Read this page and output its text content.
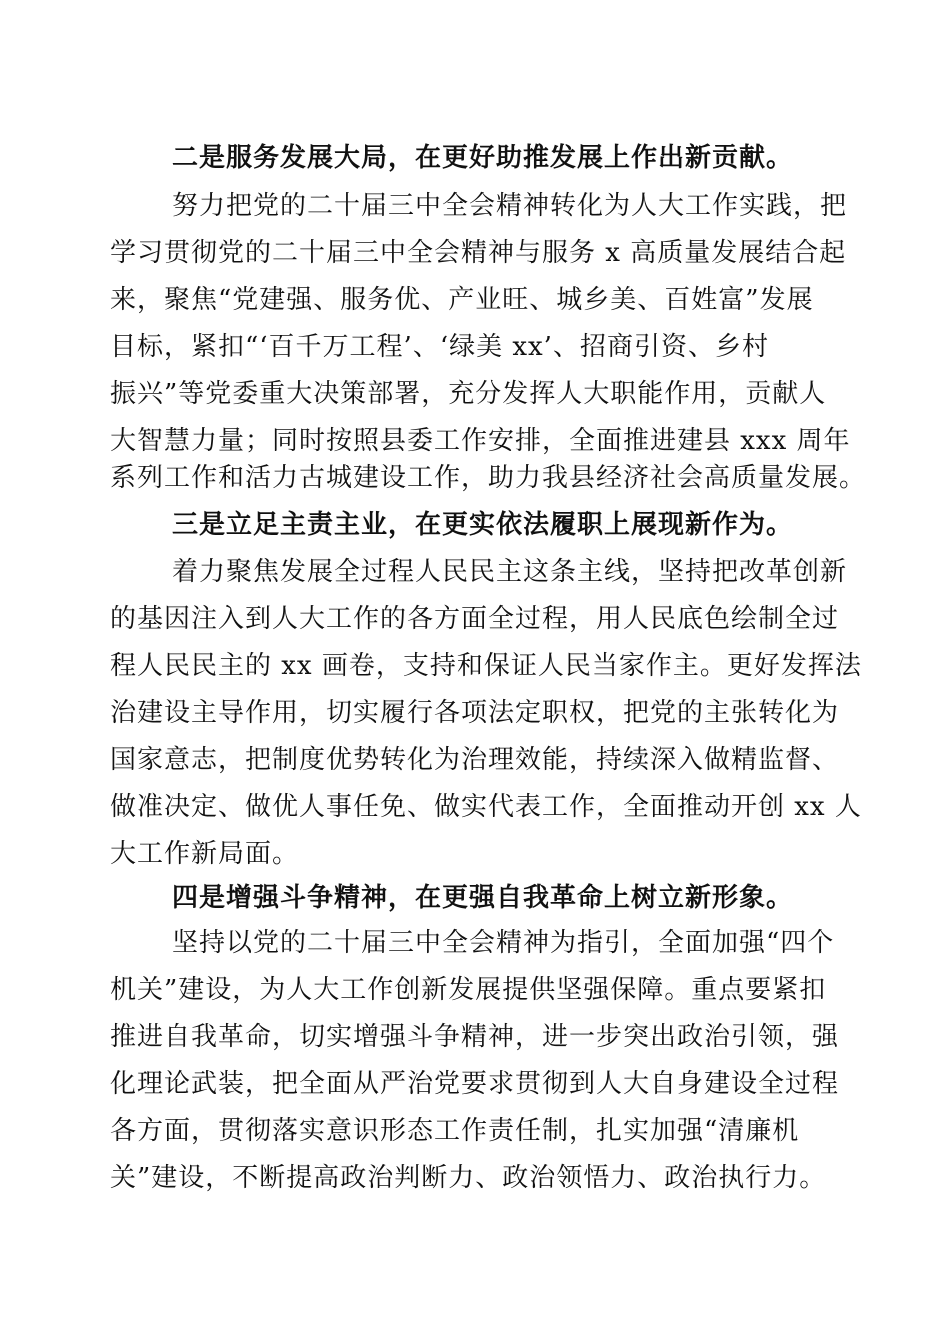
二是服务发展大局，在更好助推发展上作出新贡献。
努力把党的二十届三中全会精神转化为人大工作实践，把
学习贯彻党的二十届三中全会精神与服务 x 高质量发展结合起
来，聚焦“党建强、服务优、产业旺、城乡美、百姓富”发展
目标，紧扣“‘百千万工程’、‘绿美 xx’、招商引资、乡村
振兴”等党委重大决策部署，充分发挥人大职能作用，贡献人
大智慧力量；同时按照县委工作安排，全面推进建县 xxx 周年
系列工作和活力古城建设工作，助力我县经济社会高质量发展。
三是立足主责主业，在更实依法履职上展现新作为。
着力聚焦发展全过程人民民主这条主线，坚持把改革创新
的基因注入到人大工作的各方面全过程，用人民底色绘制全过
程人民民主的 xx 画卷，支持和保证人民当家作主。更好发挥法
治建设主导作用，切实履行各项法定职权，把党的主张转化为
国家意志，把制度优势转化为治理效能，持续深入做精监督、
做准决定、做优人事任免、做实代表工作，全面推动开创 xx 人
大工作新局面。
四是增强斗争精神，在更强自我革命上树立新形象。
坚持以党的二十届三中全会精神为指引，全面加强“四个
机关”建设，为人大工作创新发展提供坚强保障。重点要紧扣
推进自我革命，切实增强斗争精神，进一步突出政治引领，强
化理论武装，把全面从严治党要求贯彻到人大自身建设全过程
各方面，贯彻落实意识形态工作责任制，扎实加强“清廉机
关”建设，不断提高政治判断力、政治领悟力、政治执行力。
